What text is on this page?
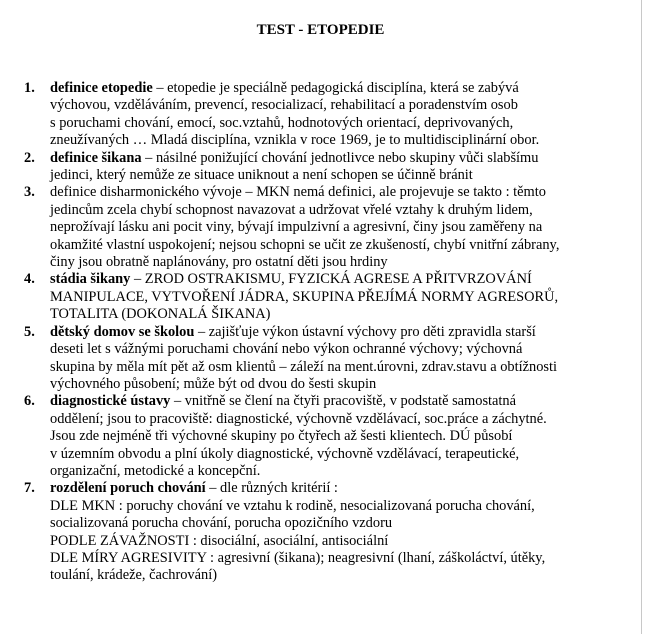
TEST - ETOPEDIE
1. definice etopedie – etopedie je speciálně pedagogická disciplína, která se zabývá
výchovou, vzděláváním, prevencí, resocializací, rehabilitací a poradenstvím osob
s poruchami chování, emocí, soc.vztahů, hodnotových orientací, deprivovaných,
zneužívaných … Mladá disciplína, vznikla v roce 1969, je to multidisciplinární obor.
2. definice šikana – násilné ponižující chování jednotlivce nebo skupiny vůči slabšímu
jedinci, který nemůže ze situace uniknout a není schopen se účinně bránit
3. definice disharmonického vývoje – MKN nemá definici, ale projevuje se takto : těmto
jedincům zcela chybí schopnost navazovat a udržovat vřelé vztahy k druhým lidem,
neprožívají lásku ani pocit viny, bývají impulzivní a agresivní, činy jsou zaměřeny na
okamžité vlastní uspokojení; nejsou schopni se učit ze zkušeností, chybí vnitřní zábrany,
činy jsou obratně naplánovány, pro ostatní děti jsou hrdiny
4. stádia šikany – ZROD OSTRAKISMU, FYZICKÁ AGRESE A PŘITVRZOVÁNÍ
MANIPULACE, VYTVOŘENÍ JÁDRA, SKUPINA PŘEJÍMÁ NORMY AGRESORŮ,
TOTALITA (DOKONALÁ ŠIKANA)
5. dětský domov se školou – zajišťuje výkon ústavní výchovy pro děti zpravidla starší
deseti let s vážnými poruchami chování nebo výkon ochranné výchovy; výchovná
skupina by měla mít pět až osm klientů – záleží na ment.úrovni, zdrav.stavu a obtížnosti
výchovného působení; může být od dvou do šesti skupin
6. diagnostické ústavy – vnitřně se člení na čtyři pracoviště, v podstatě samostatná
oddělení; jsou to pracoviště: diagnostické, výchovně vzdělávací, soc.práce a záchytné.
Jsou zde nejméně tři výchovné skupiny po čtyřech až šesti klientech. DÚ působí
v územním obvodu a plní úkoly diagnostické, výchovně vzdělávací, terapeutické,
organizační, metodické a koncepční.
7. rozdělení poruch chování – dle různých kritérií :
DLE MKN : poruchy chování ve vztahu k rodině, nesocializovaná porucha chování,
socializovaná porucha chování, porucha opozičního vzdoru
PODLE ZÁVAŽNOSTI : disociální, asociální, antisociální
DLE MÍRY AGRESIVITY : agresivní (šikana); neagresivní (lhaní, záškoláctví, útěky,
toulání, krádeže, čachrování)
